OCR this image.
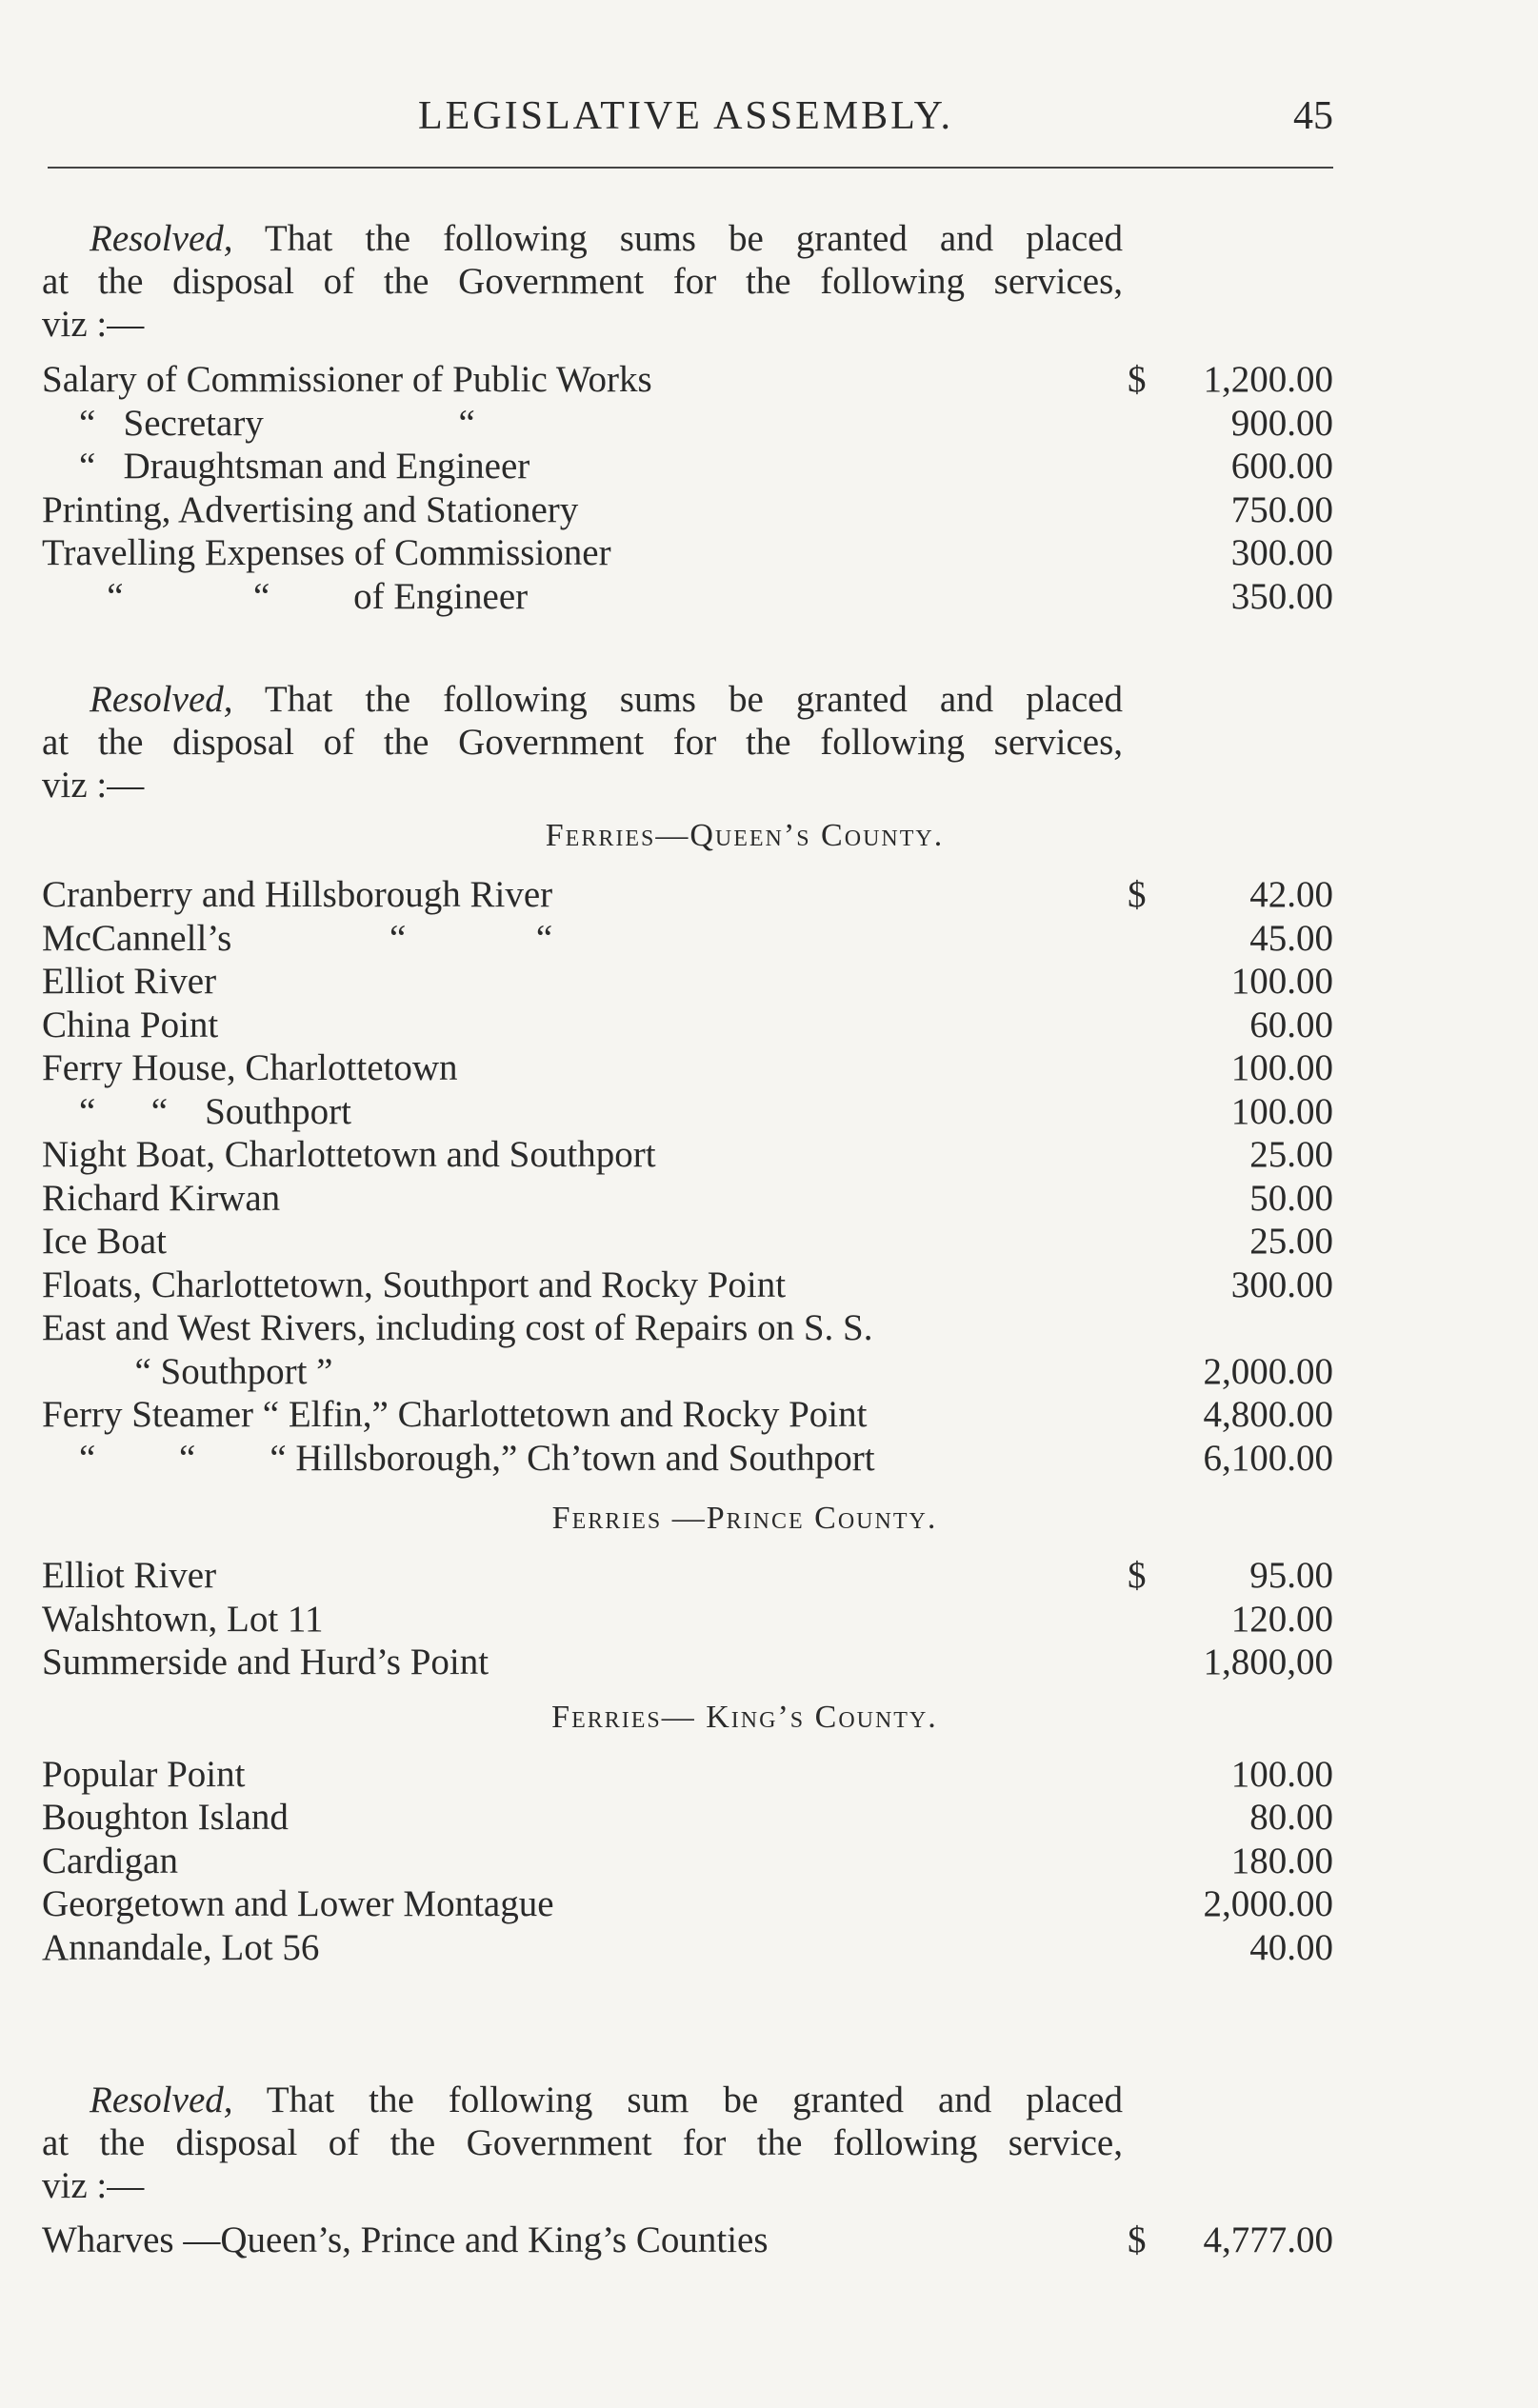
LEGISLATIVE ASSEMBLY.	45

Resolved, That the following sums be granted and placed
at the disposal of the Government for the following services,
viz :—

Salary of Commissioner of Public Works	$ 1,200.00
“   Secretary                     “	900.00
“   Draughtsman and Engineer	600.00
Printing, Advertising and Stationery	750.00
Travelling Expenses of Commissioner	300.00
“              “         of Engineer	350.00

Resolved, That the following sums be granted and placed
at the disposal of the Government for the following services,
viz :—

Ferries—Queen’s County.
Cranberry and Hillsborough River	$	42.00
McCannell’s                 “              “	45.00
Elliot River	100.00
China Point	60.00
Ferry House, Charlottetown	100.00
“      “    Southport	100.00
Night Boat, Charlottetown and Southport	25.00
Richard Kirwan	50.00
Ice Boat	25.00
Floats, Charlottetown, Southport and Rocky Point	300.00
East and West Rivers, including cost of Repairs on S. S.
“ Southport ”	2,000.00
Ferry Steamer “ Elfin,” Charlottetown and Rocky Point	4,800.00
“         “        “ Hillsborough,” Ch’town and Southport	6,100.00
Ferries —Prince County.
Elliot River	$	95.00
Walshtown, Lot 11	120.00
Summerside and Hurd’s Point	1,800,00
Ferries— King’s County.
Popular Point	100.00
Boughton Island	80.00
Cardigan	180.00
Georgetown and Lower Montague	2,000.00
Annandale, Lot 56	40.00

Resolved, That the following sum be granted and placed
at the disposal of the Government for the following service,
viz :—

Wharves —Queen’s, Prince and King’s Counties	$ 4,777.00
